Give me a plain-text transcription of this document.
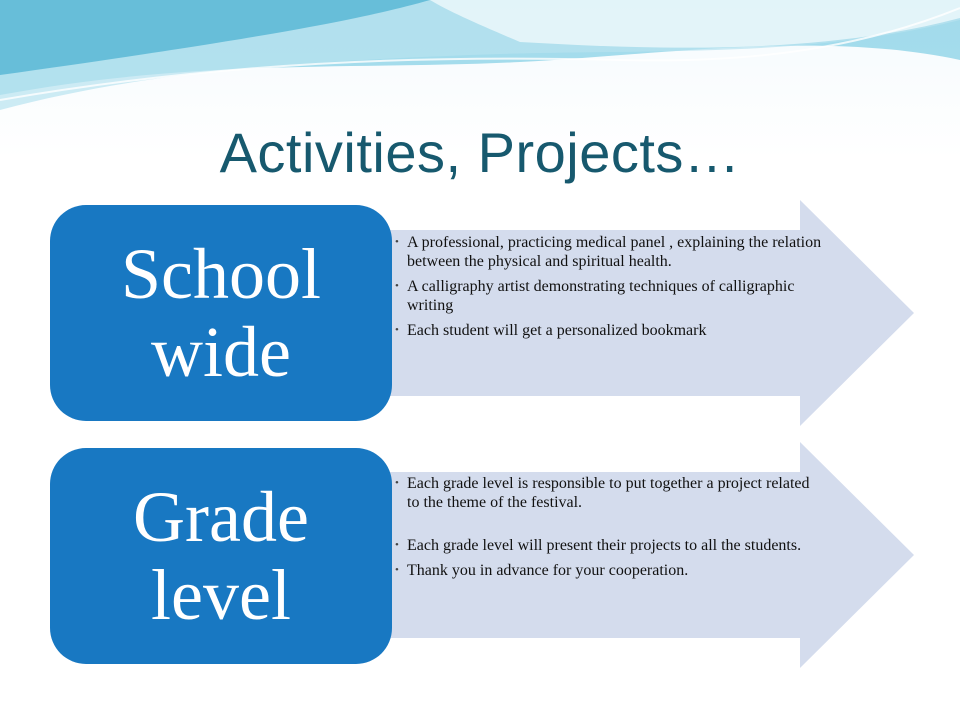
Activities, Projects…
School
wide
• A professional, practicing medical panel , explaining the relation between the physical and spiritual health.
• A calligraphy artist demonstrating techniques of calligraphic writing
• Each student will get a personalized bookmark
Grade
level
• Each grade level is responsible to put together a project related to the theme of the festival.
• Each grade level will present their projects to all the students.
• Thank you in advance for your cooperation.
